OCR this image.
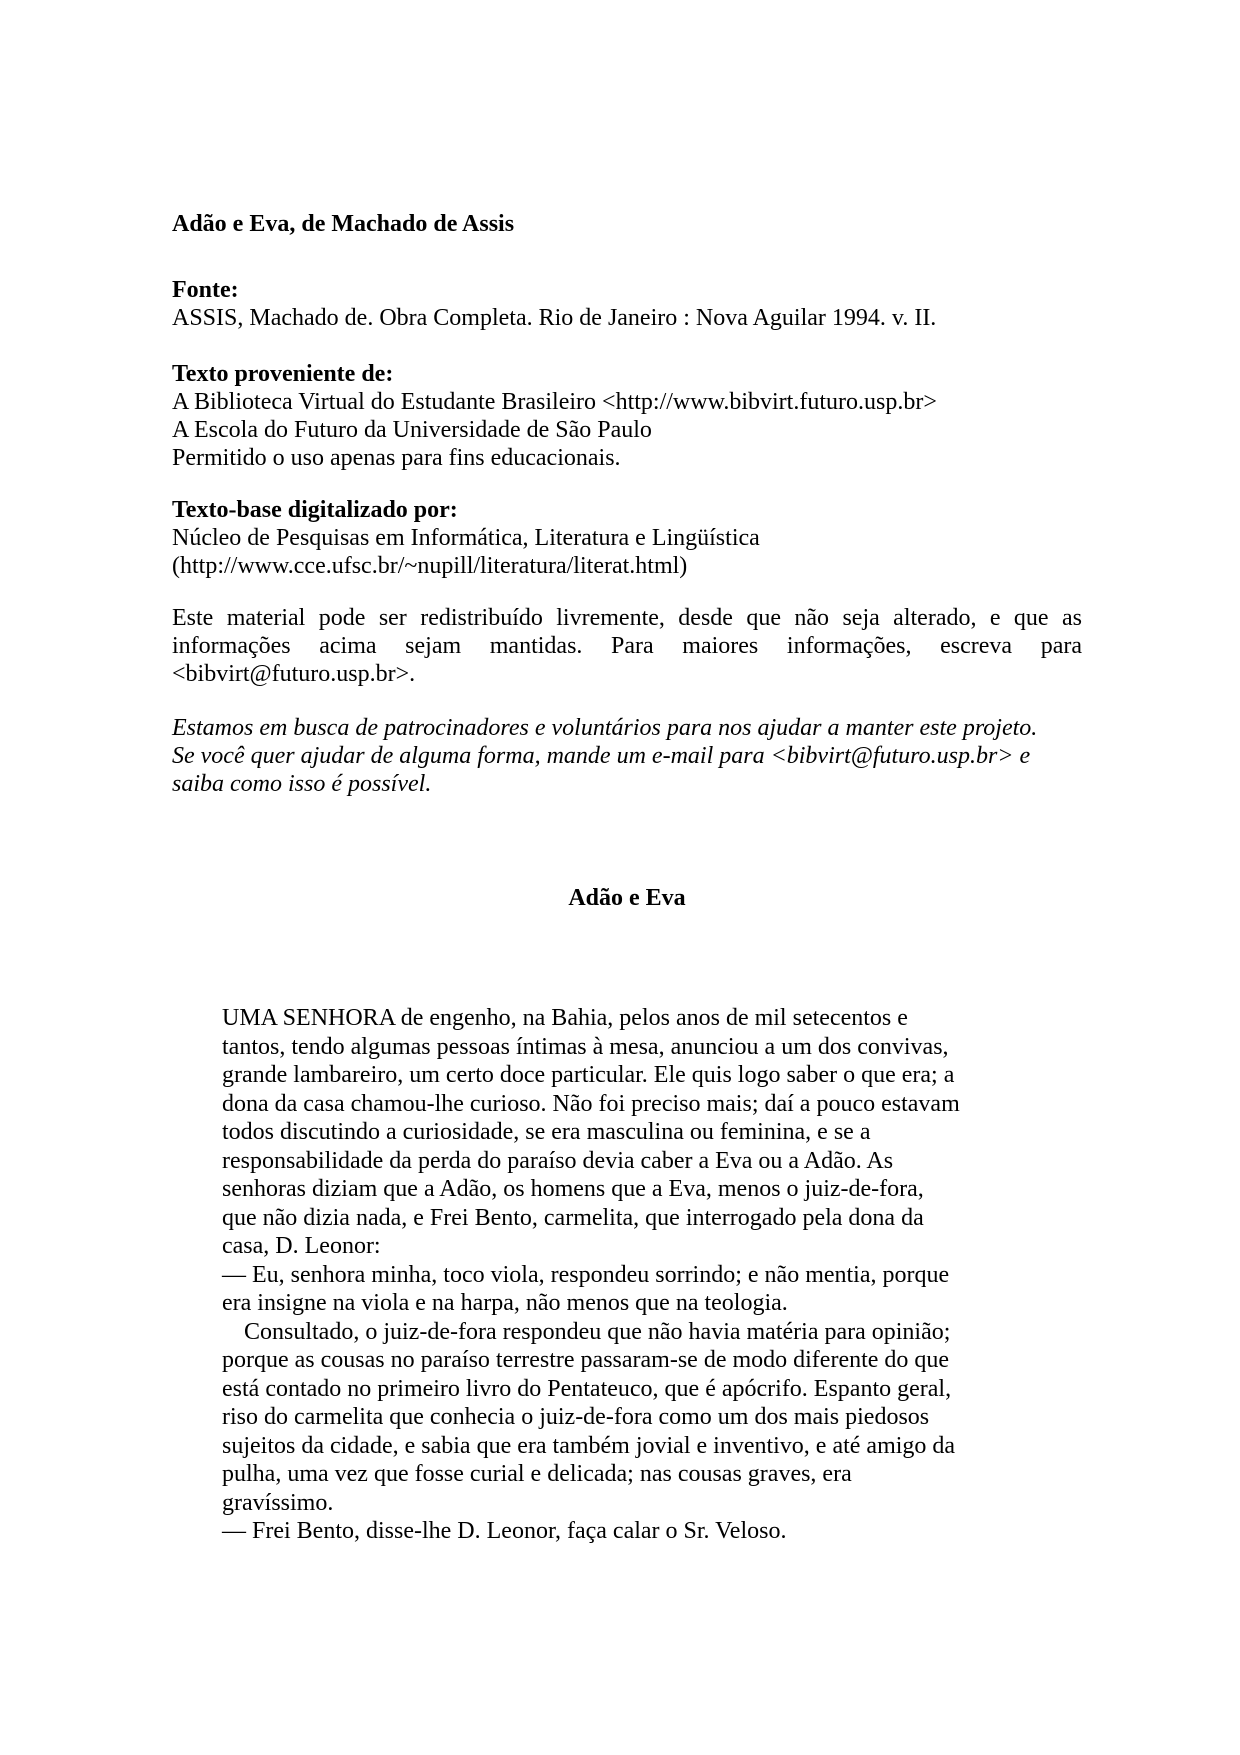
Adão e Eva, de Machado de Assis
Fonte:
ASSIS, Machado de. Obra Completa. Rio de Janeiro : Nova Aguilar 1994. v. II.
Texto proveniente de:
A Biblioteca Virtual do Estudante Brasileiro <http://www.bibvirt.futuro.usp.br>
A Escola do Futuro da Universidade de São Paulo
Permitido o uso apenas para fins educacionais.
Texto-base digitalizado por:
Núcleo de Pesquisas em Informática, Literatura e Lingüística
(http://www.cce.ufsc.br/~nupill/literatura/literat.html)
Este material pode ser redistribuído livremente, desde que não seja alterado, e que as
informações acima sejam mantidas. Para maiores informações, escreva para
<bibvirt@futuro.usp.br>.
Estamos em busca de patrocinadores e voluntários para nos ajudar a manter este projeto.
Se você quer ajudar de alguma forma, mande um e-mail para <bibvirt@futuro.usp.br> e
saiba como isso é possível.
Adão e Eva
UMA SENHORA de engenho, na Bahia, pelos anos de mil setecentos e
tantos, tendo algumas pessoas íntimas à mesa, anunciou a um dos convivas,
grande lambareiro, um certo doce particular. Ele quis logo saber o que era; a
dona da casa chamou-lhe curioso. Não foi preciso mais; daí a pouco estavam
todos discutindo a curiosidade, se era masculina ou feminina, e se a
responsabilidade da perda do paraíso devia caber a Eva ou a Adão. As
senhoras diziam que a Adão, os homens que a Eva, menos o juiz-de-fora,
que não dizia nada, e Frei Bento, carmelita, que interrogado pela dona da
casa, D. Leonor:
— Eu, senhora minha, toco viola, respondeu sorrindo; e não mentia, porque
era insigne na viola e na harpa, não menos que na teologia.
Consultado, o juiz-de-fora respondeu que não havia matéria para opinião;
porque as cousas no paraíso terrestre passaram-se de modo diferente do que
está contado no primeiro livro do Pentateuco, que é apócrifo. Espanto geral,
riso do carmelita que conhecia o juiz-de-fora como um dos mais piedosos
sujeitos da cidade, e sabia que era também jovial e inventivo, e até amigo da
pulha, uma vez que fosse curial e delicada; nas cousas graves, era
gravíssimo.
— Frei Bento, disse-lhe D. Leonor, faça calar o Sr. Veloso.
